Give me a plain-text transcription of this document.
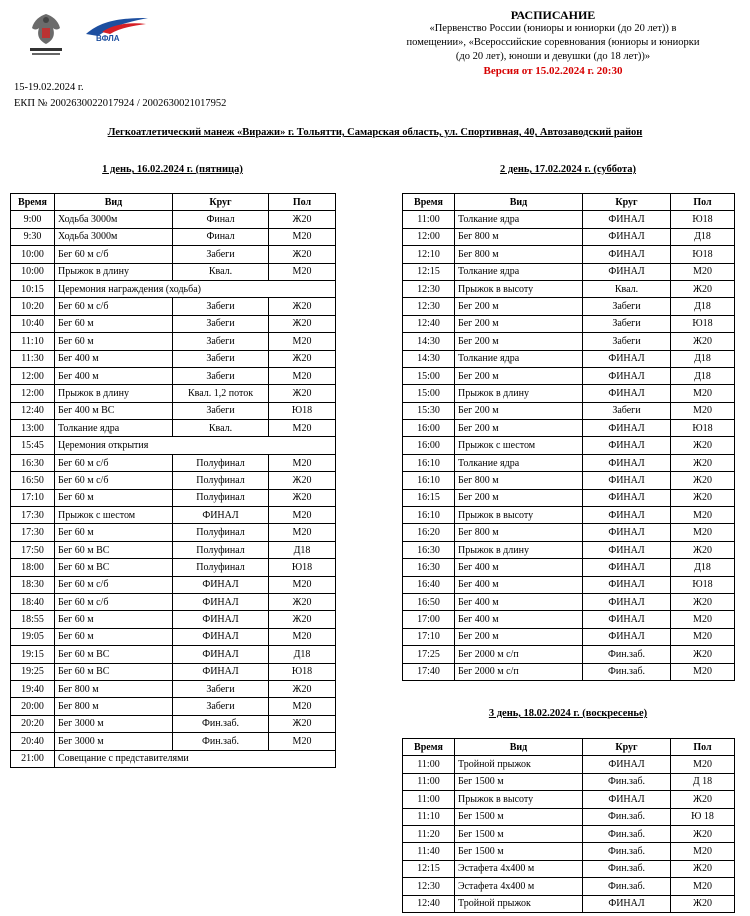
ВФЛА
РАСПИСАНИЕ
«Первенство России (юниоры и юниорки (до 20 лет)) в
помещении», «Всероссийские соревнования (юниоры и юниорки
(до 20 лет), юноши и девушки (до 18 лет))»
Версия от 15.02.2024 г. 20:30
15-19.02.2024 г.
ЕКП № 2002630022017924 / 2002630021017952
Легкоатлетический манеж «Виражи» г. Тольятти, Самарская область, ул. Спортивная, 40, Автозаводский район
1 день, 16.02.2024 г. (пятница)
Время	Вид	Круг	Пол
9:00	Ходьба 3000м	Финал	Ж20
9:30	Ходьба 3000м	Финал	М20
10:00	Бег 60 м с/б	Забеги	Ж20
10:00	Прыжок в длину	Квал.	М20
10:15	Церемония награждения (ходьба)		
10:20	Бег 60 м с/б	Забеги	Ж20
10:40	Бег 60 м	Забеги	Ж20
11:10	Бег 60 м	Забеги	М20
11:30	Бег 400 м	Забеги	Ж20
12:00	Бег 400 м	Забеги	М20
12:00	Прыжок в длину	Квал. 1,2 поток	Ж20
12:40	Бег 400 м ВС	Забеги	Ю18
13:00	Толкание ядра	Квал.	М20
15:45	Церемония открытия		
16:30	Бег 60 м с/б	Полуфинал	М20
16:50	Бег 60 м с/б	Полуфинал	Ж20
17:10	Бег 60 м	Полуфинал	Ж20
17:30	Прыжок с шестом	ФИНАЛ	М20
17:30	Бег 60 м	Полуфинал	М20
17:50	Бег 60 м ВС	Полуфинал	Д18
18:00	Бег 60 м ВС	Полуфинал	Ю18
18:30	Бег 60 м с/б	ФИНАЛ	М20
18:40	Бег 60 м с/б	ФИНАЛ	Ж20
18:55	Бег 60 м	ФИНАЛ	Ж20
19:05	Бег 60 м	ФИНАЛ	М20
19:15	Бег 60 м ВС	ФИНАЛ	Д18
19:25	Бег 60 м ВС	ФИНАЛ	Ю18
19:40	Бег 800 м	Забеги	Ж20
20:00	Бег 800 м	Забеги	М20
20:20	Бег 3000 м	Фин.заб.	Ж20
20:40	Бег 3000 м	Фин.заб.	М20
21:00	Совещание с представителями		
2 день, 17.02.2024 г. (суббота)
Время	Вид	Круг	Пол
11:00	Толкание ядра	ФИНАЛ	Ю18
12:00	Бег 800 м	ФИНАЛ	Д18
12:10	Бег 800 м	ФИНАЛ	Ю18
12:15	Толкание ядра	ФИНАЛ	М20
12:30	Прыжок в высоту	Квал.	Ж20
12:30	Бег 200 м	Забеги	Д18
12:40	Бег 200 м	Забеги	Ю18
14:30	Бег 200 м	Забеги	Ж20
14:30	Толкание ядра	ФИНАЛ	Д18
15:00	Бег 200 м	ФИНАЛ	Д18
15:00	Прыжок в длину	ФИНАЛ	М20
15:30	Бег 200 м	Забеги	М20
16:00	Бег 200 м	ФИНАЛ	Ю18
16:00	Прыжок с шестом	ФИНАЛ	Ж20
16:10	Толкание ядра	ФИНАЛ	Ж20
16:10	Бег 800 м	ФИНАЛ	Ж20
16:15	Бег 200 м	ФИНАЛ	Ж20
16:10	Прыжок в высоту	ФИНАЛ	М20
16:20	Бег 800 м	ФИНАЛ	М20
16:30	Прыжок в длину	ФИНАЛ	Ж20
16:30	Бег 400 м	ФИНАЛ	Д18
16:40	Бег 400 м	ФИНАЛ	Ю18
16:50	Бег 400 м	ФИНАЛ	Ж20
17:00	Бег 400 м	ФИНАЛ	М20
17:10	Бег 200 м	ФИНАЛ	М20
17:25	Бег 2000 м с/п	Фин.заб.	Ж20
17:40	Бег 2000 м с/п	Фин.заб.	М20
3 день, 18.02.2024 г. (воскресенье)
Время	Вид	Круг	Пол
11:00	Тройной прыжок	ФИНАЛ	М20
11:00	Бег 1500 м	Фин.заб.	Д 18
11:00	Прыжок в высоту	ФИНАЛ	Ж20
11:10	Бег 1500 м	Фин.заб.	Ю 18
11:20	Бег 1500 м	Фин.заб.	Ж20
11:40	Бег 1500 м	Фин.заб.	М20
12:15	Эстафета 4х400 м	Фин.заб.	Ж20
12:30	Эстафета 4х400 м	Фин.заб.	М20
12:40	Тройной прыжок	ФИНАЛ	Ж20
